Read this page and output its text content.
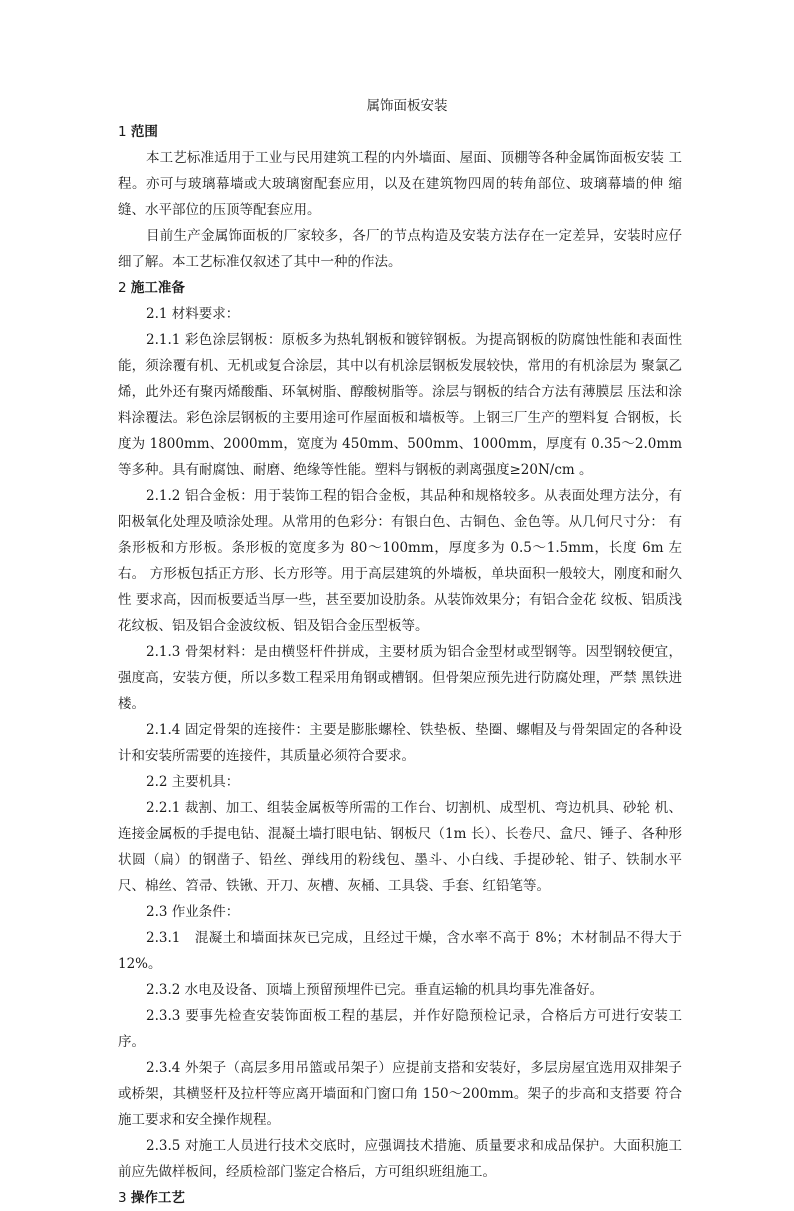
属饰面板安装

1 范围

本工艺标准适用于工业与民用建筑工程的内外墙面、屋面、顶棚等各种金属饰面板安装 工程。亦可与玻璃幕墙或大玻璃窗配套应用，以及在建筑物四周的转角部位、玻璃幕墙的伸 缩缝、水平部位的压顶等配套应用。

目前生产金属饰面板的厂家较多，各厂的节点构造及安装方法存在一定差异，安装时应仔细了解。本工艺标准仅叙述了其中一种的作法。

2 施工准备

2.1 材料要求：

2.1.1 彩色涂层钢板：原板多为热轧钢板和镀锌钢板。为提高钢板的防腐蚀性能和表面性能，须涂覆有机、无机或复合涂层，其中以有机涂层钢板发展较快，常用的有机涂层为 聚氯乙烯，此外还有聚丙烯酸酯、环氧树脂、醇酸树脂等。涂层与钢板的结合方法有薄膜层 压法和涂料涂覆法。彩色涂层钢板的主要用途可作屋面板和墙板等。上钢三厂生产的塑料复 合钢板，长度为 1800mm、2000mm，宽度为 450mm、500mm、1000mm，厚度有 0.35～2.0mm 等多种。具有耐腐蚀、耐磨、绝缘等性能。塑料与钢板的剥离强度≥20N/cm 。

2.1.2 铝合金板：用于装饰工程的铝合金板，其品种和规格较多。从表面处理方法分，有阳极氧化处理及喷涂处理。从常用的色彩分：有银白色、古铜色、金色等。从几何尺寸分： 有条形板和方形板。条形板的宽度多为 80～100mm，厚度多为 0.5～1.5mm，长度 6m 左右。 方形板包括正方形、长方形等。用于高层建筑的外墙板，单块面积一般较大，刚度和耐久性 要求高，因而板要适当厚一些，甚至要加设肋条。从装饰效果分；有铝合金花 纹板、铝质浅花纹板、铝及铝合金波纹板、铝及铝合金压型板等。

2.1.3 骨架材料：是由横竖杆件拼成，主要材质为铝合金型材或型钢等。因型钢较便宜，强度高，安装方便，所以多数工程采用角钢或槽钢。但骨架应预先进行防腐处理，严禁 黑铁进楼。

2.1.4 固定骨架的连接件：主要是膨胀螺栓、铁垫板、垫圈、螺帽及与骨架固定的各种设计和安装所需要的连接件，其质量必须符合要求。

2.2 主要机具：

2.2.1 裁割、加工、组装金属板等所需的工作台、切割机、成型机、弯边机具、砂轮 机、连接金属板的手提电钻、混凝土墙打眼电钻、钢板尺（1m 长）、长卷尺、盒尺、锤子、各种形状圆（扁）的钢凿子、铅丝、弹线用的粉线包、墨斗、小白线、手提砂轮、钳子、铁制水平尺、棉丝、笤帚、铁锹、开刀、灰槽、灰桶、工具袋、手套、红铅笔等。

2.3 作业条件：

2.3.1　混凝土和墙面抹灰已完成，且经过干燥，含水率不高于 8%；木材制品不得大于 12%。

2.3.2 水电及设备、顶墙上预留预埋件已完。垂直运输的机具均事先准备好。

2.3.3 要事先检查安装饰面板工程的基层，并作好隐预检记录，合格后方可进行安装工序。

2.3.4 外架子（高层多用吊篮或吊架子）应提前支搭和安装好，多层房屋宜选用双排架子或桥架，其横竖杆及拉杆等应离开墙面和门窗口角 150～200mm。架子的步高和支搭要 符合施工要求和安全操作规程。

2.3.5 对施工人员进行技术交底时，应强调技术措施、质量要求和成品保护。大面积施工前应先做样板间，经质检部门鉴定合格后，方可组织班组施工。

3 操作工艺
